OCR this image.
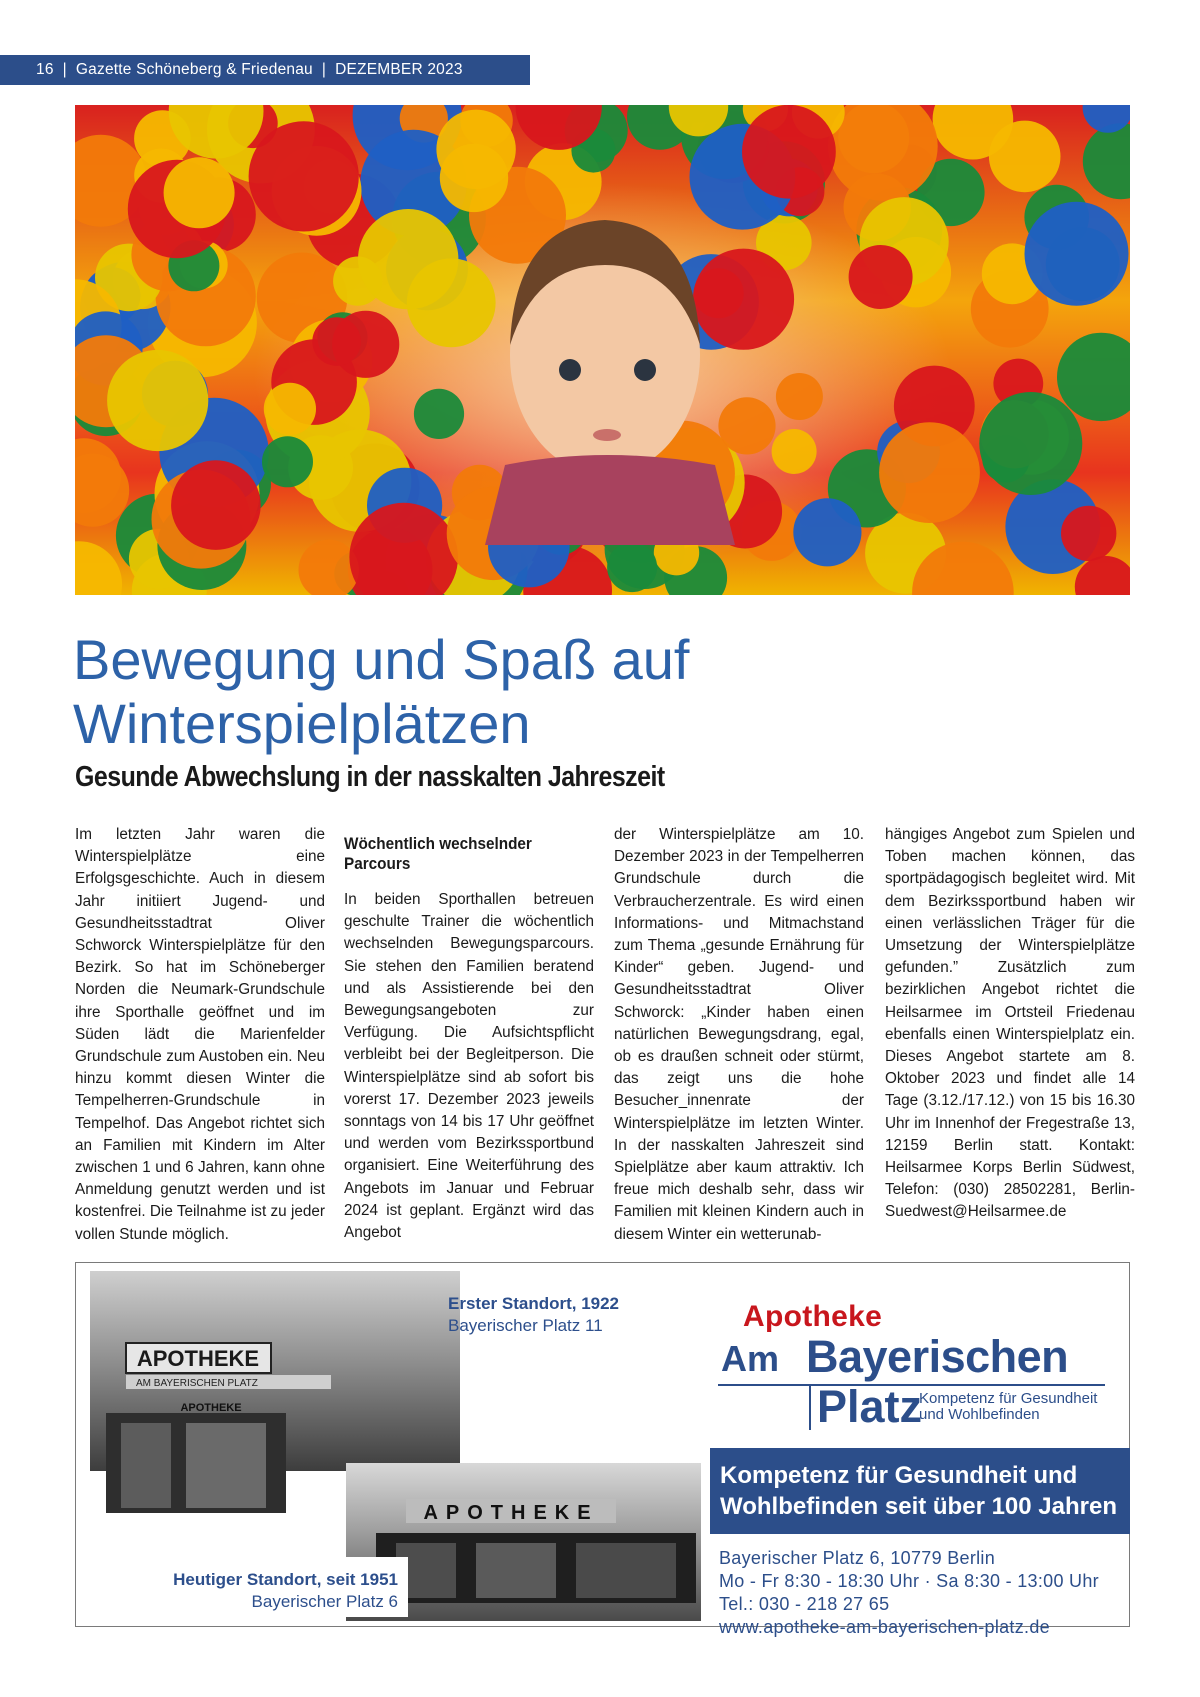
16  |  Gazette Schöneberg & Friedenau  |  DEZEMBER 2023
Bewegung und Spaß auf
Winterspielplätzen
Gesunde Abwechslung in der nasskalten Jahreszeit

Im letzten Jahr waren die Winterspielplätze eine Erfolgsgeschichte. Auch in diesem Jahr initiiert Jugend- und Gesundheitsstadtrat Oliver Schworck Winterspielplätze für den Bezirk. So hat im Schöneberger Norden die Neumark-Grundschule ihre Sporthalle geöffnet und im Süden lädt die Marienfelder Grundschule zum Austoben ein. Neu hinzu kommt diesen Winter die Tempelherren-Grundschule in Tempelhof. Das Angebot richtet sich an Familien mit Kindern im Alter zwischen 1 und 6 Jahren, kann ohne Anmeldung genutzt werden und ist kostenfrei. Die Teilnahme ist zu jeder vollen Stunde möglich.

Wöchentlich wechselnder Parcours

In beiden Sporthallen betreuen geschulte Trainer die wöchentlich wechselnden Bewegungsparcours. Sie stehen den Familien beratend und als Assistierende bei den Bewegungsangeboten zur Verfügung. Die Aufsichtspflicht verbleibt bei der Begleitperson. Die Winterspielplätze sind ab sofort bis vorerst 17. Dezember 2023 jeweils sonntags von 14 bis 17 Uhr geöffnet und werden vom Bezirkssportbund organisiert. Eine Weiterführung des Angebots im Januar und Februar 2024 ist geplant. Ergänzt wird das Angebot

der Winterspielplätze am 10. Dezember 2023 in der Tempelherren Grundschule durch die Verbraucherzentrale. Es wird einen Informations- und Mitmachstand zum Thema „gesunde Ernährung für Kinder“ geben. Jugend- und Gesundheitsstadtrat Oliver Schworck: „Kinder haben einen natürlichen Bewegungsdrang, egal, ob es draußen schneit oder stürmt, das zeigt uns die hohe Besucher_innenrate der Winterspielplätze im letzten Winter. In der nasskalten Jahreszeit sind Spielplätze aber kaum attraktiv. Ich freue mich deshalb sehr, dass wir Familien mit kleinen Kindern auch in diesem Winter ein wetterunab-

hängiges Angebot zum Spielen und Toben machen können, das sportpädagogisch begleitet wird. Mit dem Bezirkssportbund haben wir einen verlässlichen Träger für die Umsetzung der Winterspielplätze gefunden.” Zusätzlich zum bezirklichen Angebot richtet die Heilsarmee im Ortsteil Friedenau ebenfalls einen Winterspielplatz ein. Dieses Angebot startete am 8. Oktober 2023 und findet alle 14 Tage (3.12./17.12.) von 15 bis 16.30 Uhr im Innenhof der Fregestraße 13, 12159 Berlin statt. Kontakt: Heilsarmee Korps Berlin Südwest, Telefon: (030) 28502281, Berlin-Suedwest@Heilsarmee.de

APOTHEKE
AM BAYERISCHEN PLATZ
APOTHEKE
APOTHEKE
Erster Standort, 1922
Bayerischer Platz 11
Heutiger Standort, seit 1951
Bayerischer Platz 6
Apotheke
Am Bayerischen
Platz
Kompetenz für Gesundheit
und Wohlbefinden
Kompetenz für Gesundheit und
Wohlbefinden seit über 100 Jahren
Bayerischer Platz 6, 10779 Berlin
Mo - Fr 8:30 - 18:30 Uhr · Sa 8:30 - 13:00 Uhr
Tel.: 030 - 218 27 65
www.apotheke-am-bayerischen-platz.de
